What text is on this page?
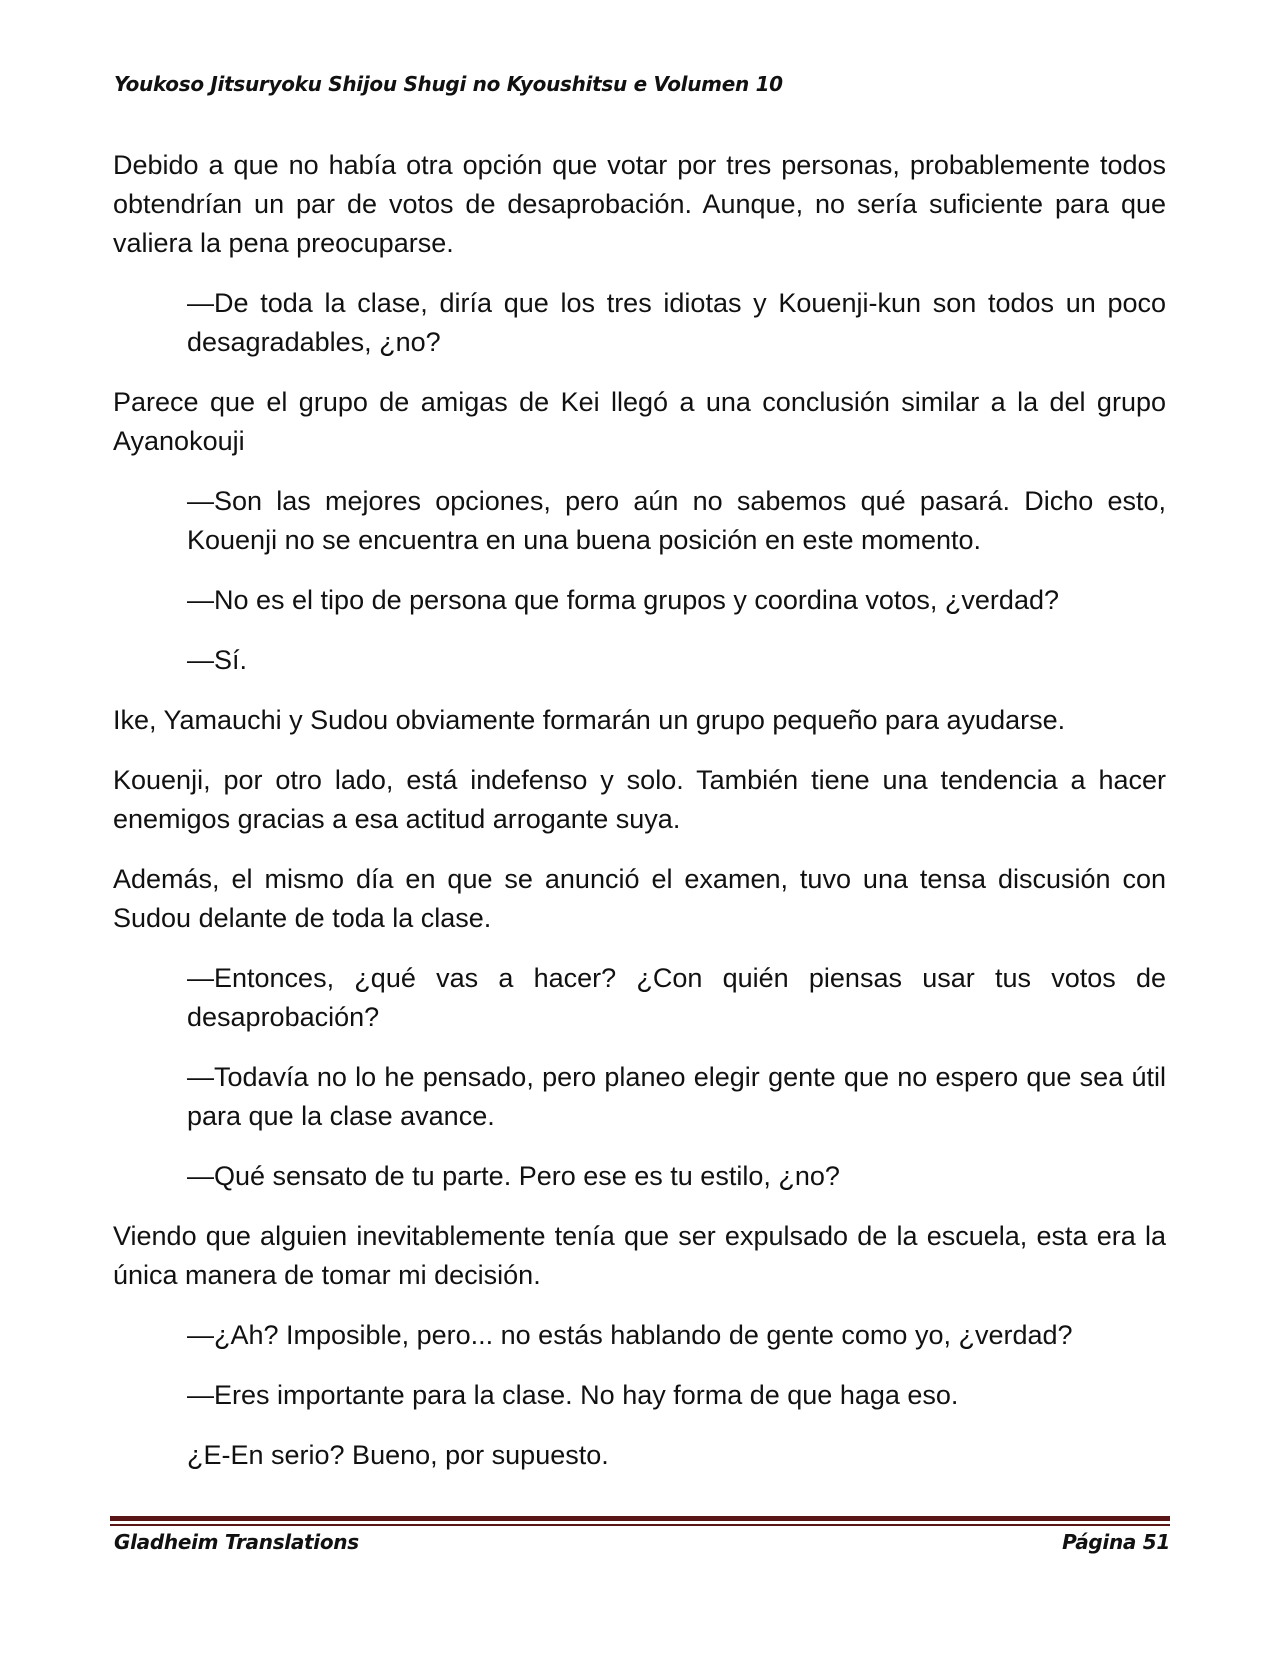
Youkoso Jitsuryoku Shijou Shugi no Kyoushitsu e Volumen 10

Debido a que no había otra opción que votar por tres personas, probablemente todos obtendrían un par de votos de desaprobación. Aunque, no sería suficiente para que valiera la pena preocuparse.

—De toda la clase, diría que los tres idiotas y Kouenji-kun son todos un poco desagradables, ¿no?

Parece que el grupo de amigas de Kei llegó a una conclusión similar a la del grupo Ayanokouji

—Son las mejores opciones, pero aún no sabemos qué pasará. Dicho esto, Kouenji no se encuentra en una buena posición en este momento.

—No es el tipo de persona que forma grupos y coordina votos, ¿verdad?

—Sí.

Ike, Yamauchi y Sudou obviamente formarán un grupo pequeño para ayudarse.

Kouenji, por otro lado, está indefenso y solo. También tiene una tendencia a hacer enemigos gracias a esa actitud arrogante suya.

Además, el mismo día en que se anunció el examen, tuvo una tensa discusión con Sudou delante de toda la clase.

—Entonces, ¿qué vas a hacer? ¿Con quién piensas usar tus votos de desaprobación?

—Todavía no lo he pensado, pero planeo elegir gente que no espero que sea útil para que la clase avance.

—Qué sensato de tu parte. Pero ese es tu estilo, ¿no?

Viendo que alguien inevitablemente tenía que ser expulsado de la escuela, esta era la única manera de tomar mi decisión.

—¿Ah? Imposible, pero... no estás hablando de gente como yo, ¿verdad?

—Eres importante para la clase. No hay forma de que haga eso.

¿E-En serio? Bueno, por supuesto.

Gladheim Translations	Página 51
